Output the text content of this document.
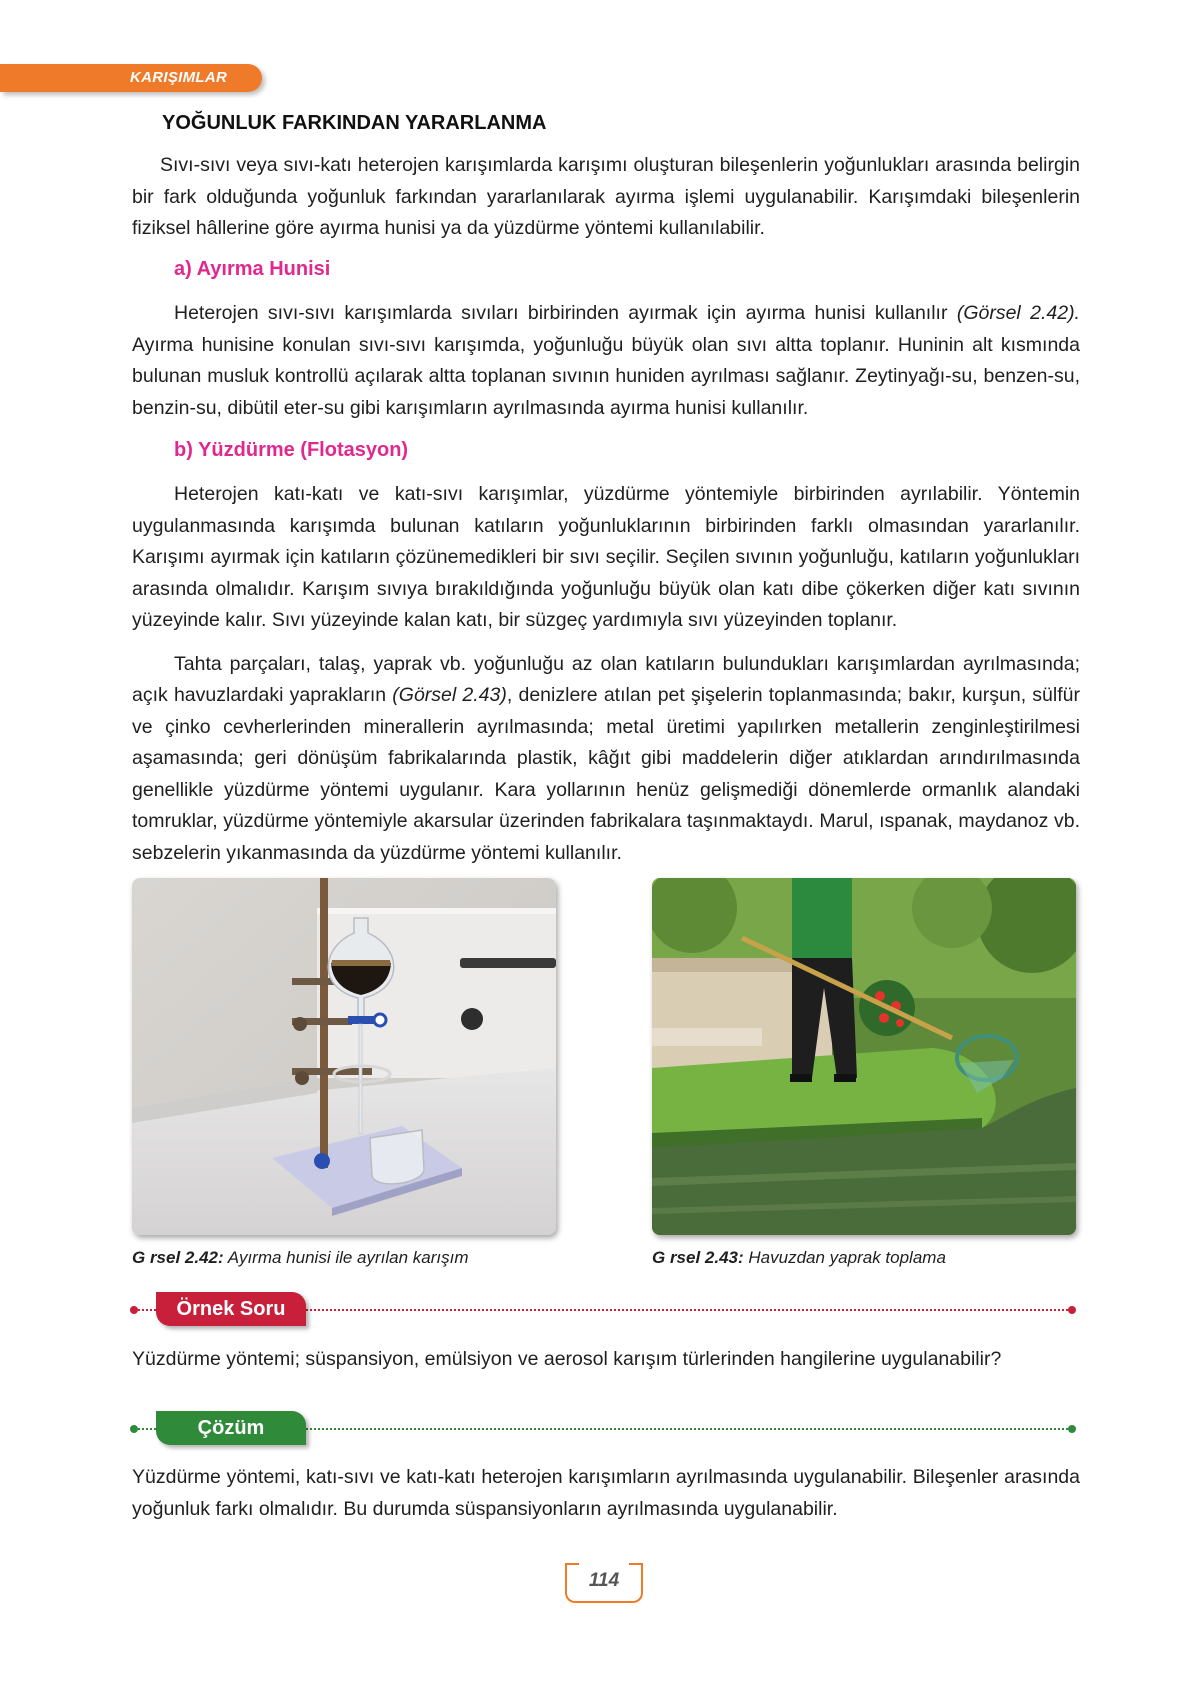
KARIŞIMLAR
YOĞUNLUK FARKINDAN YARARLANMA

Sıvı-sıvı veya sıvı-katı heterojen karışımlarda karışımı oluşturan bileşenlerin yoğunlukları arasında belirgin bir fark olduğunda yoğunluk farkından yararlanılarak ayırma işlemi uygulanabilir. Karışımdaki bileşenlerin fiziksel hâllerine göre ayırma hunisi ya da yüzdürme yöntemi kullanılabilir.

a) Ayırma Hunisi

Heterojen sıvı-sıvı karışımlarda sıvıları birbirinden ayırmak için ayırma hunisi kullanılır (Görsel 2.42). Ayırma hunisine konulan sıvı-sıvı karışımda, yoğunluğu büyük olan sıvı altta toplanır. Huninin alt kısmında bulunan musluk kontrollü açılarak altta toplanan sıvının huniden ayrılması sağlanır. Zeytinyağı-su, benzen-su, benzin-su, dibütil eter-su gibi karışımların ayrılmasında ayırma hunisi kullanılır.

b) Yüzdürme (Flotasyon)

Heterojen katı-katı ve katı-sıvı karışımlar, yüzdürme yöntemiyle birbirinden ayrılabilir. Yöntemin uygulanmasında karışımda bulunan katıların yoğunluklarının birbirinden farklı olmasından yararlanılır. Karışımı ayırmak için katıların çözünemedikleri bir sıvı seçilir. Seçilen sıvının yoğunluğu, katıların yoğunlukları arasında olmalıdır. Karışım sıvıya bırakıldığında yoğunluğu büyük olan katı dibe çökerken diğer katı sıvının yüzeyinde kalır. Sıvı yüzeyinde kalan katı, bir süzgeç yardımıyla sıvı yüzeyinden toplanır.

Tahta parçaları, talaş, yaprak vb. yoğunluğu az olan katıların bulundukları karışımlardan ayrılmasında; açık havuzlardaki yaprakların (Görsel 2.43), denizlere atılan pet şişelerin toplanmasında; bakır, kurşun, sülfür ve çinko cevherlerinden minerallerin ayrılmasında; metal üretimi yapılırken metallerin zenginleştirilmesi aşamasında; geri dönüşüm fabrikalarında plastik, kâğıt gibi maddelerin diğer atıklardan arındırılmasında genellikle yüzdürme yöntemi uygulanır. Kara yollarının henüz gelişmediği dönemlerde ormanlık alandaki tomruklar, yüzdürme yöntemiyle akarsular üzerinden fabrikalara taşınmaktaydı. Marul, ıspanak, maydanoz vb. sebzelerin yıkanmasında da yüzdürme yöntemi kullanılır.

G rsel 2.42: Ayırma hunisi ile ayrılan karışım	G rsel 2.43: Havuzdan yaprak toplama
Örnek Soru

Yüzdürme yöntemi; süspansiyon, emülsiyon ve aerosol karışım türlerinden hangilerine uygulanabilir?

Çözüm

Yüzdürme yöntemi, katı-sıvı ve katı-katı heterojen karışımların ayrılmasında uygulanabilir. Bileşenler arasında yoğunluk farkı olmalıdır. Bu durumda süspansiyonların ayrılmasında uygulanabilir.

114
